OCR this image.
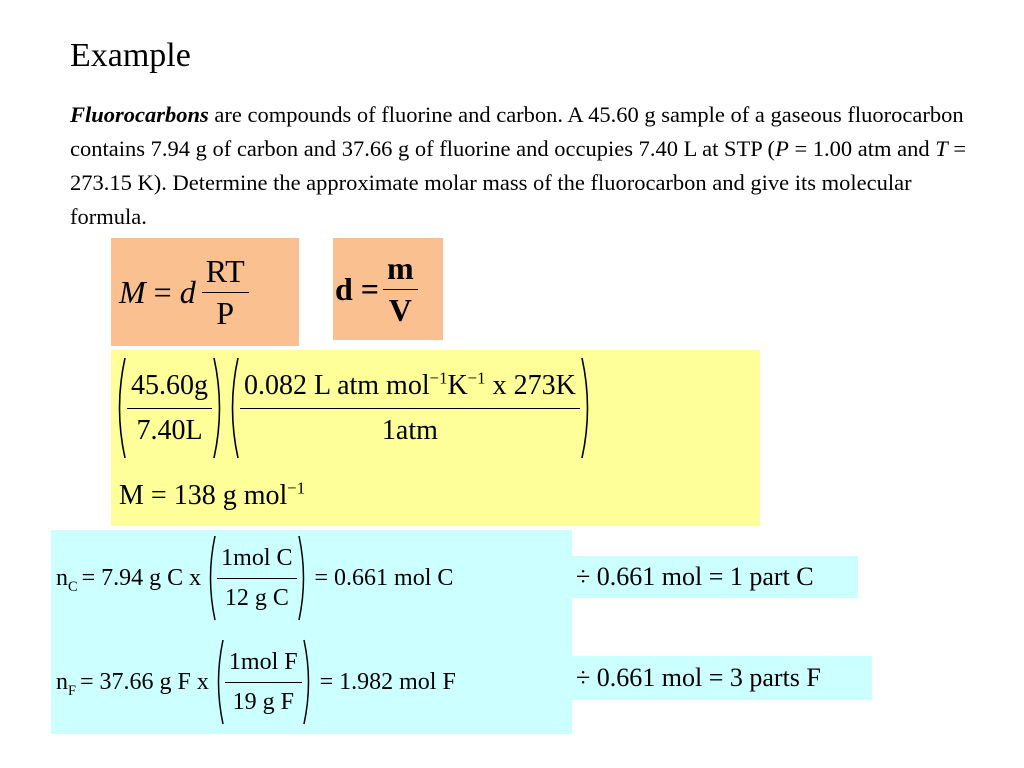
Example
Fluorocarbons are compounds of fluorine and carbon. A 45.60 g sample of a gaseous fluorocarbon contains 7.94 g of carbon and 37.66 g of fluorine and occupies 7.40 L at STP (P = 1.00 atm and T = 273.15 K). Determine the approximate molar mass of the fluorocarbon and give its molecular formula.
M = d $\frac{RT}{P}$	$d = \frac{m}{V}$
$\frac{45.60g}{7.40L} \frac{0.082 L atm mol^{-1}K^{-1} x 273K}{\text{1atm}}$
M = 138 g mol$^{-1}$
$n_C = 7.94$ g C x $\frac{\text{1mol C}}{\text{12 g C}} = 0.661$ mol C	÷ 0.661 mol = 1 part C
$n_F = 37.66$ g F x $\frac{\text{1mol F}}{\text{19 g F}} = 1.982$ mol F	÷ 0.661 mol = 3 parts F
